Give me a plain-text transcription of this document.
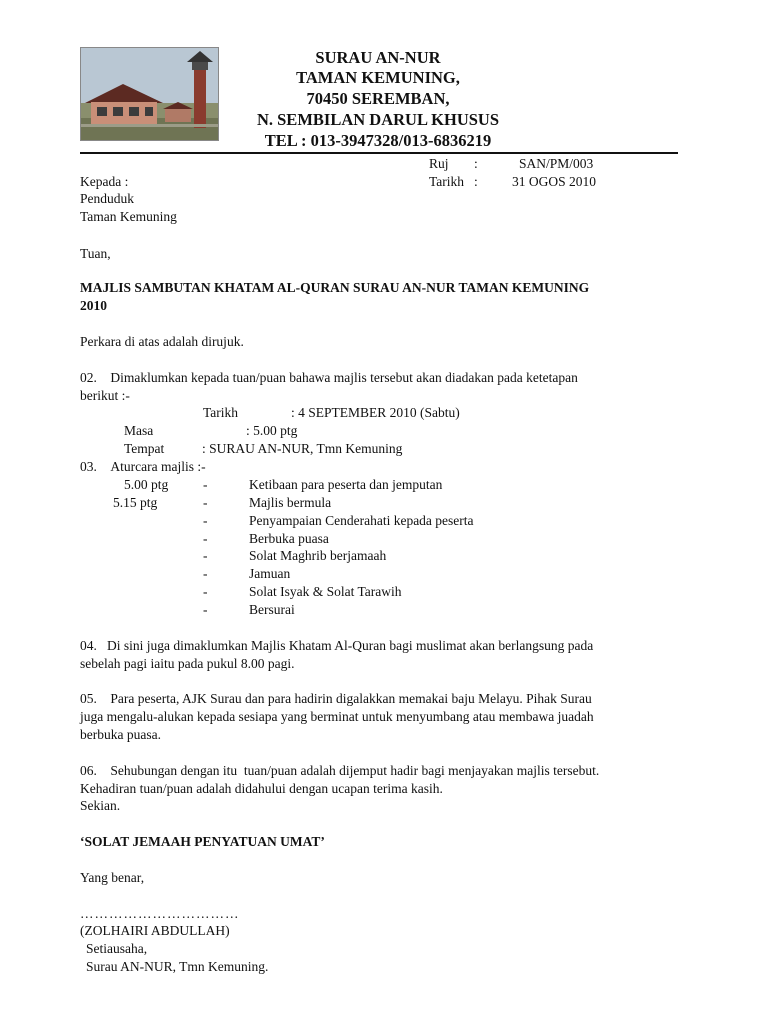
SURAU AN-NUR
TAMAN KEMUNING,
70450 SEREMBAN,
N. SEMBILAN DARUL KHUSUS
TEL : 013-3947328/013-6836219
Ruj :	SAN/PM/003
Kepada :	Tarikh :	31 OGOS 2010
Penduduk
Taman Kemuning
Tuan,
MAJLIS SAMBUTAN KHATAM AL-QURAN SURAU AN-NUR TAMAN KEMUNING
2010
Perkara di atas adalah dirujuk.
02.    Dimaklumkan kepada tuan/puan bahawa majlis tersebut akan diadakan pada ketetapan
berikut :-
Tarikh	: 4 SEPTEMBER 2010 (Sabtu)
Masa	: 5.00 ptg
Tempat	: SURAU AN-NUR, Tmn Kemuning
03.    Aturcara majlis :-
5.00 ptg	-	Ketibaan para peserta dan jemputan
5.15 ptg	-	Majlis bermula
-	Penyampaian Cenderahati kepada peserta
-	Berbuka puasa
-	Solat Maghrib berjamaah
-	Jamuan
-	Solat Isyak & Solat Tarawih
-	Bersurai
04.   Di sini juga dimaklumkan Majlis Khatam Al-Quran bagi muslimat akan berlangsung pada
sebelah pagi iaitu pada pukul 8.00 pagi.
05.    Para peserta, AJK Surau dan para hadirin digalakkan memakai baju Melayu. Pihak Surau
juga mengalu-alukan kepada sesiapa yang berminat untuk menyumbang atau membawa juadah
berbuka puasa.
06.    Sehubungan dengan itu  tuan/puan adalah dijemput hadir bagi menjayakan majlis tersebut.
Kehadiran tuan/puan adalah didahului dengan ucapan terima kasih.
Sekian.
‘SOLAT JEMAAH PENYATUAN UMAT’
Yang benar,
……………………………
(ZOLHAIRI ABDULLAH)
Setiausaha,
Surau AN-NUR, Tmn Kemuning.
